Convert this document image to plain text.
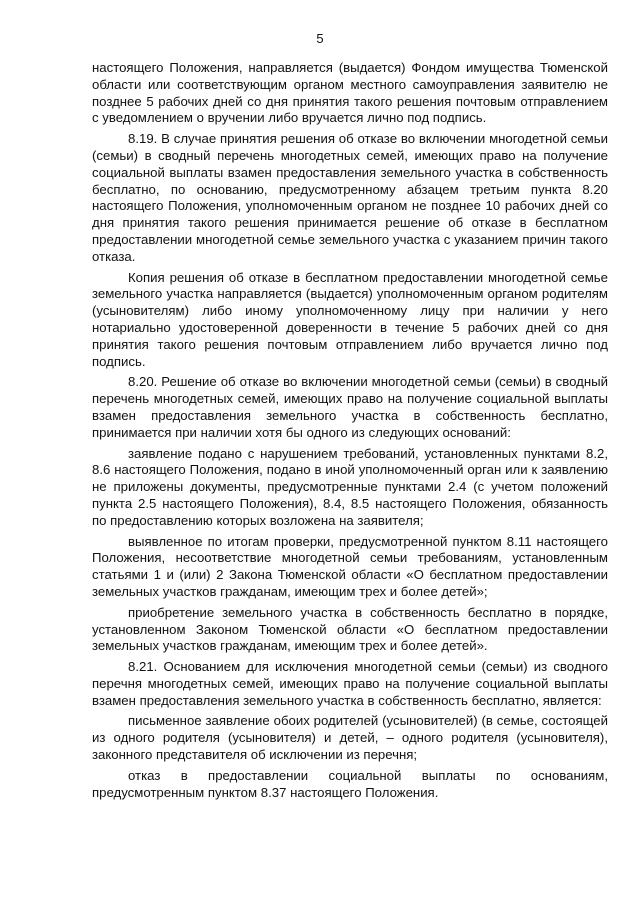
5

настоящего Положения, направляется (выдается) Фондом имущества Тюменской области или соответствующим органом местного самоуправления заявителю не позднее 5 рабочих дней со дня принятия такого решения почтовым отправлением с уведомлением о вручении либо вручается лично под подпись.

8.19. В случае принятия решения об отказе во включении многодетной семьи (семьи) в сводный перечень многодетных семей, имеющих право на получение социальной выплаты взамен предоставления земельного участка в собственность бесплатно, по основанию, предусмотренному абзацем третьим пункта 8.20 настоящего Положения, уполномоченным органом не позднее 10 рабочих дней со дня принятия такого решения принимается решение об отказе в бесплатном предоставлении многодетной семье земельного участка с указанием причин такого отказа.

Копия решения об отказе в бесплатном предоставлении многодетной семье земельного участка направляется (выдается) уполномоченным органом родителям (усыновителям) либо иному уполномоченному лицу при наличии у него нотариально удостоверенной доверенности в течение 5 рабочих дней со дня принятия такого решения почтовым отправлением либо вручается лично под подпись.

8.20. Решение об отказе во включении многодетной семьи (семьи) в сводный перечень многодетных семей, имеющих право на получение социальной выплаты взамен предоставления земельного участка в собственность бесплатно, принимается при наличии хотя бы одного из следующих оснований:

заявление подано с нарушением требований, установленных пунктами 8.2, 8.6 настоящего Положения, подано в иной уполномоченный орган или к заявлению не приложены документы, предусмотренные пунктами 2.4 (с учетом положений пункта 2.5 настоящего Положения), 8.4, 8.5 настоящего Положения, обязанность по предоставлению которых возложена на заявителя;

выявленное по итогам проверки, предусмотренной пунктом 8.11 настоящего Положения, несоответствие многодетной семьи требованиям, установленным статьями 1 и (или) 2 Закона Тюменской области «О бесплатном предоставлении земельных участков гражданам, имеющим трех и более детей»;

приобретение земельного участка в собственность бесплатно в порядке, установленном Законом Тюменской области «О бесплатном предоставлении земельных участков гражданам, имеющим трех и более детей».

8.21. Основанием для исключения многодетной семьи (семьи) из сводного перечня многодетных семей, имеющих право на получение социальной выплаты взамен предоставления земельного участка в собственность бесплатно, является:

письменное заявление обоих родителей (усыновителей) (в семье, состоящей из одного родителя (усыновителя) и детей, – одного родителя (усыновителя), законного представителя об исключении из перечня;

отказ в предоставлении социальной выплаты по основаниям, предусмотренным пунктом 8.37 настоящего Положения.
